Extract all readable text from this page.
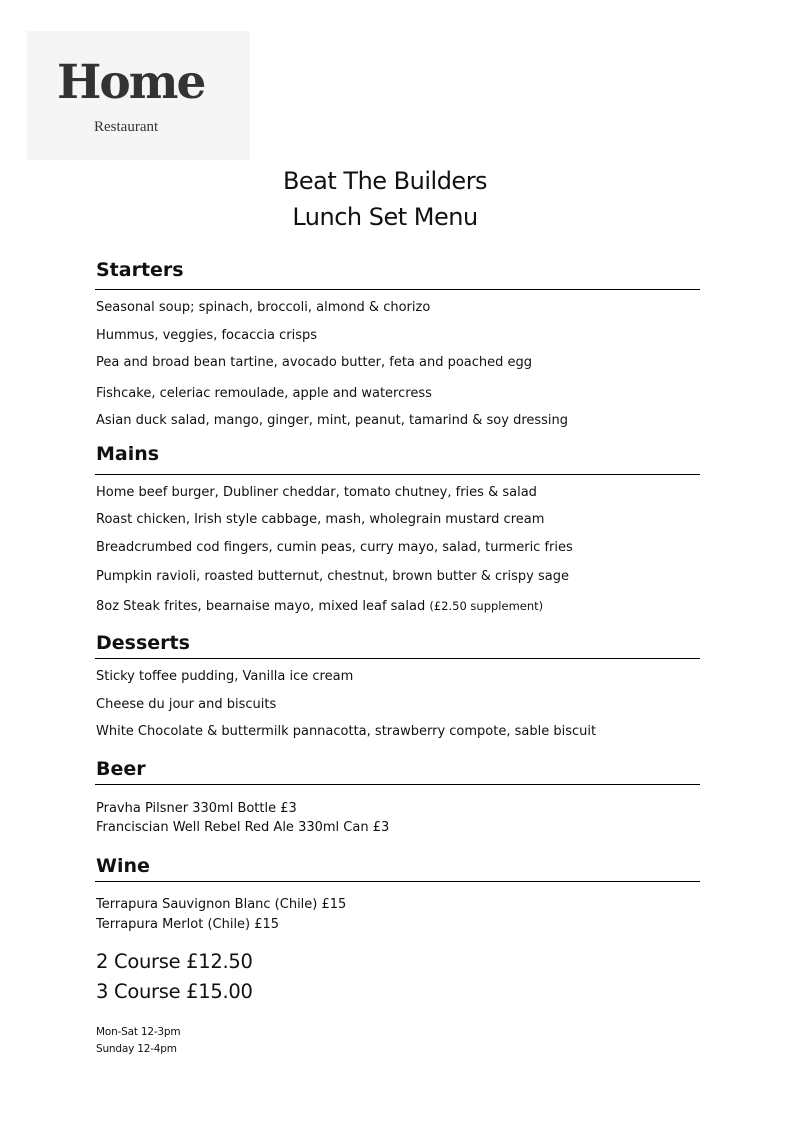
Home
Restaurant
Beat The Builders
Lunch Set Menu
Starters
Seasonal soup; spinach, broccoli, almond & chorizo
Hummus, veggies, focaccia crisps
Pea and broad bean tartine, avocado butter, feta and poached egg
Fishcake, celeriac remoulade, apple and watercress
Asian duck salad, mango, ginger, mint, peanut, tamarind & soy dressing
Mains
Home beef burger, Dubliner cheddar, tomato chutney, fries & salad
Roast chicken, Irish style cabbage, mash, wholegrain mustard cream
Breadcrumbed cod fingers, cumin peas, curry mayo, salad, turmeric fries
Pumpkin ravioli, roasted butternut, chestnut, brown butter & crispy sage
8oz Steak frites, bearnaise mayo, mixed leaf salad (£2.50 supplement)
Desserts
Sticky toffee pudding, Vanilla ice cream
Cheese du jour and biscuits
White Chocolate & buttermilk pannacotta, strawberry compote, sable biscuit
Beer
Pravha Pilsner 330ml Bottle £3
Franciscian Well Rebel Red Ale 330ml Can £3
Wine
Terrapura Sauvignon Blanc (Chile) £15
Terrapura Merlot (Chile) £15
2 Course £12.50
3 Course £15.00
Mon-Sat 12-3pm
Sunday 12-4pm
